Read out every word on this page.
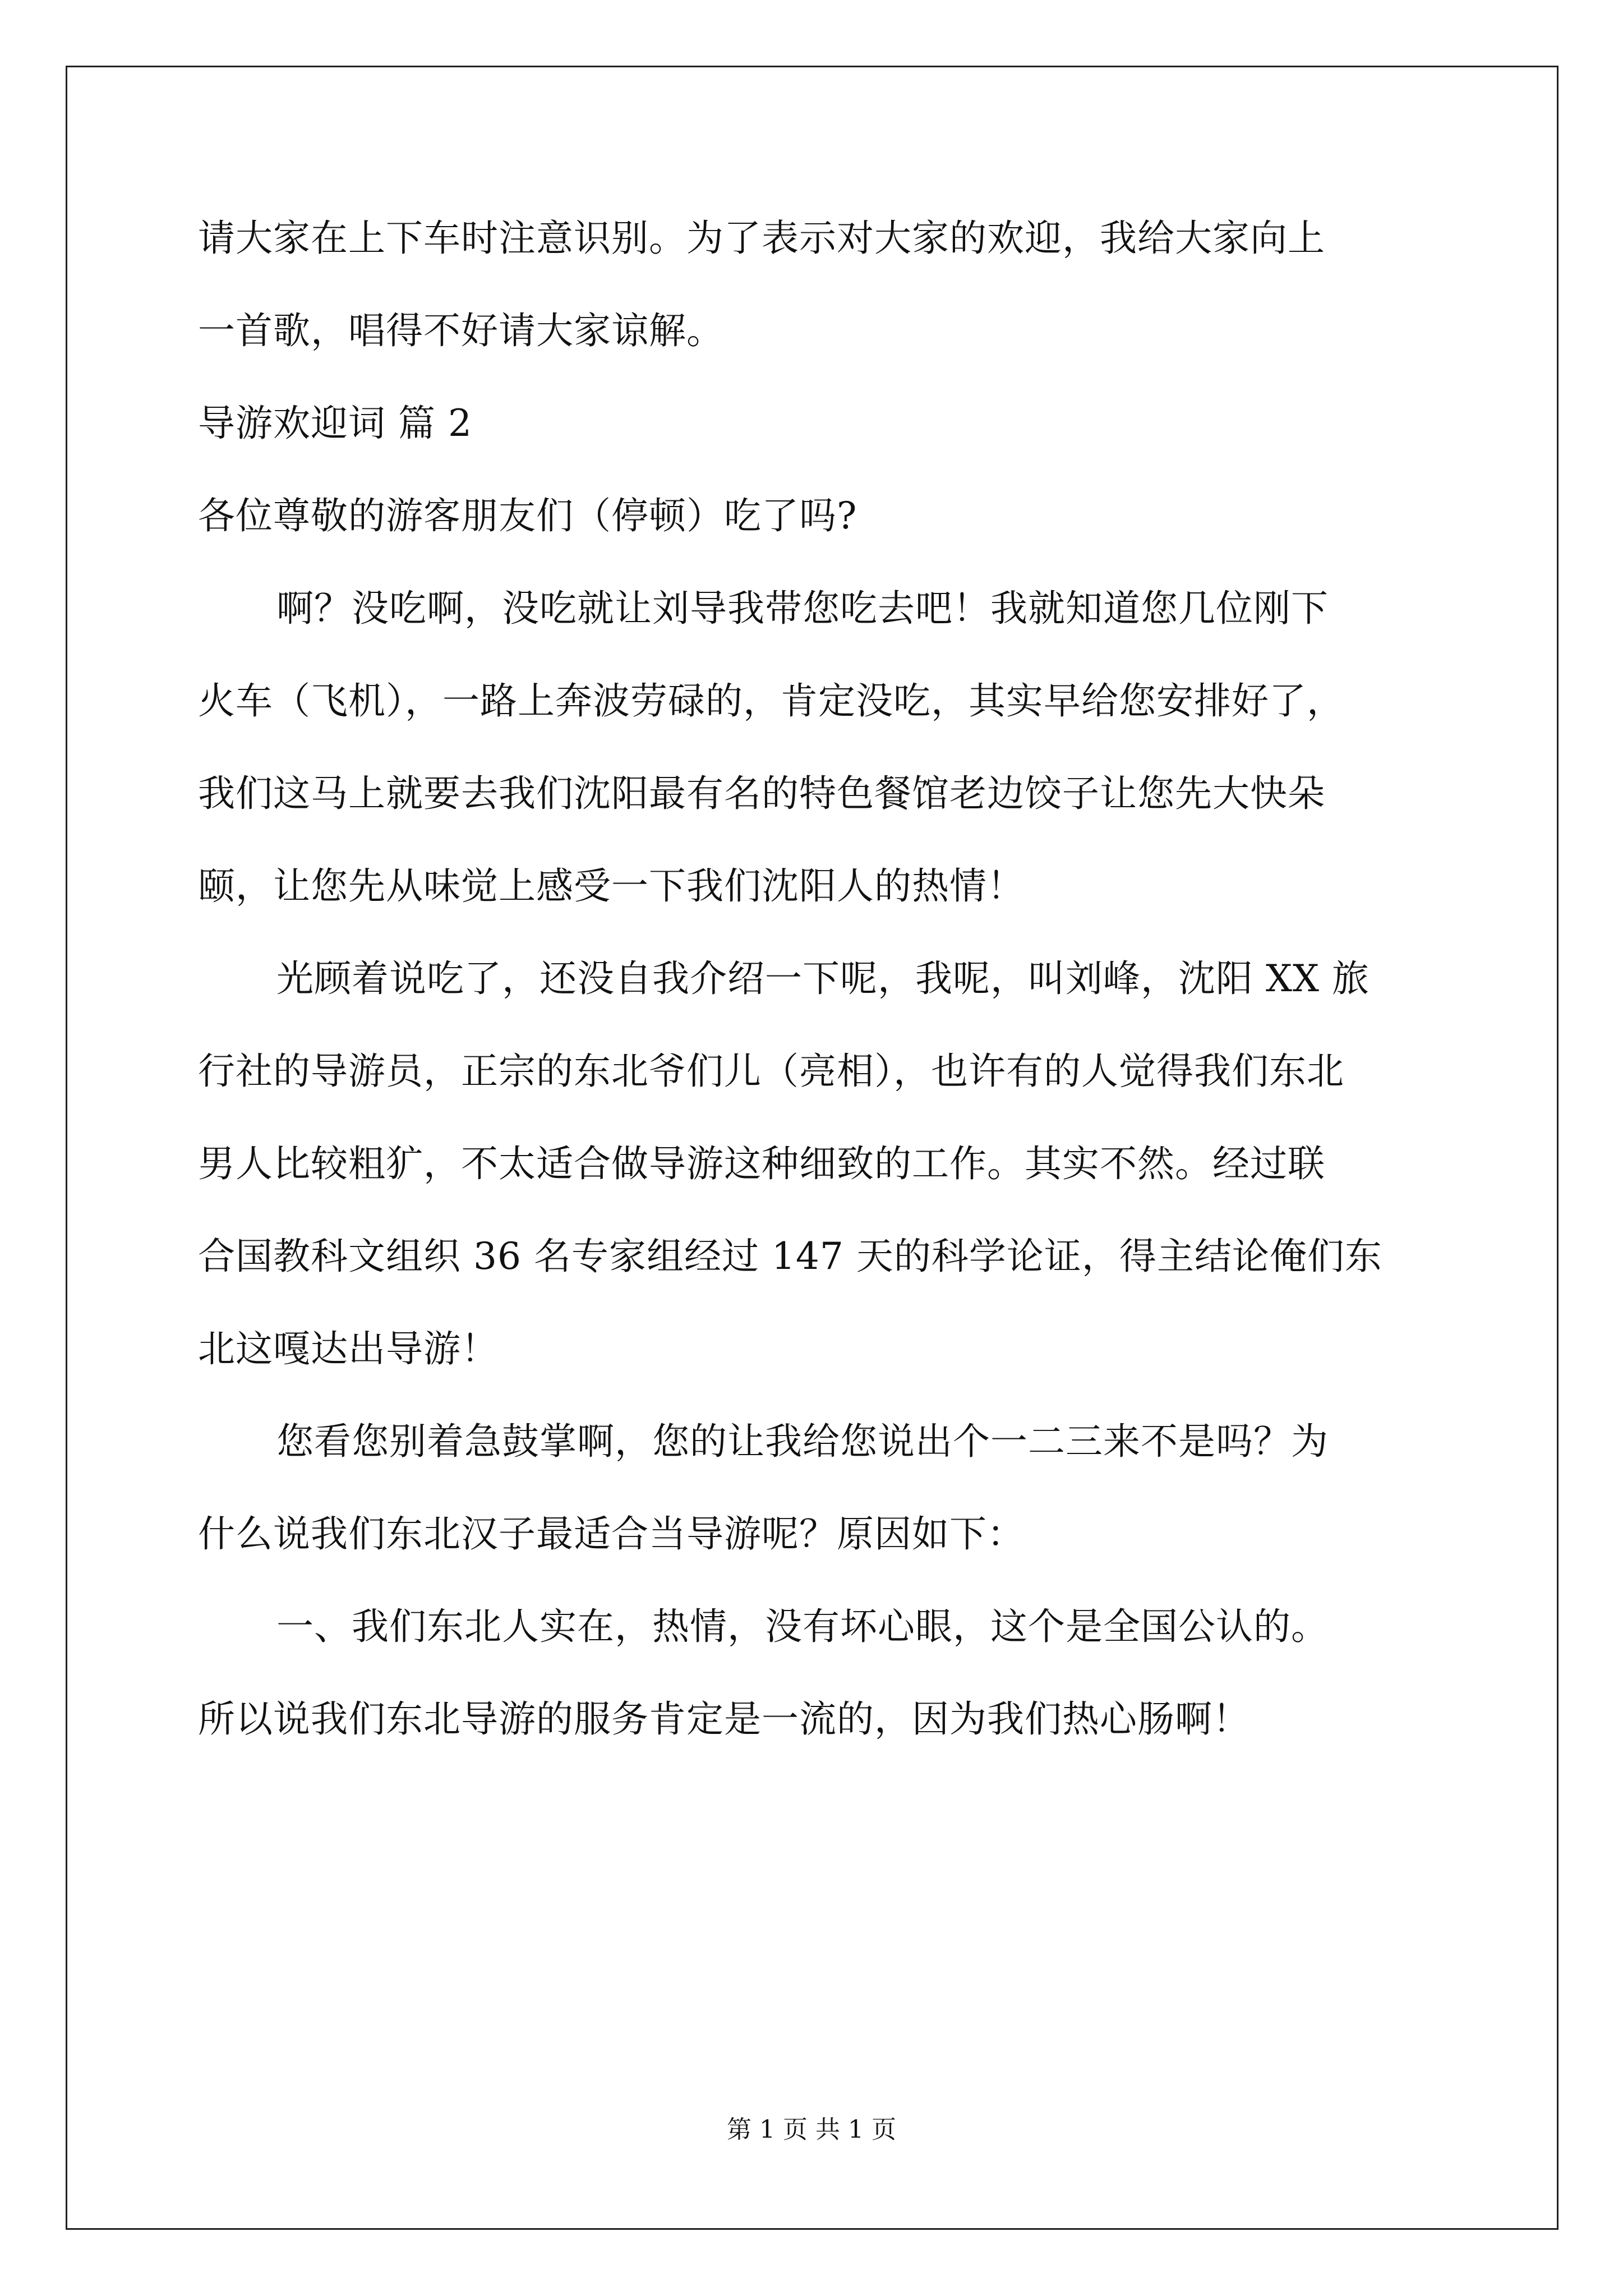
请大家在上下车时注意识别。为了表示对大家的欢迎，我给大家向上
一首歌，唱得不好请大家谅解。
导游欢迎词 篇 2
各位尊敬的游客朋友们（停顿）吃了吗?
啊？没吃啊，没吃就让刘导我带您吃去吧！我就知道您几位刚下
火车（飞机），一路上奔波劳碌的，肯定没吃，其实早给您安排好了，
我们这马上就要去我们沈阳最有名的特色餐馆老边饺子让您先大快朵
颐，让您先从味觉上感受一下我们沈阳人的热情！
光顾着说吃了，还没自我介绍一下呢，我呢，叫刘峰，沈阳 XX 旅
行社的导游员，正宗的东北爷们儿（亮相），也许有的人觉得我们东北
男人比较粗犷，不太适合做导游这种细致的工作。其实不然。经过联
合国教科文组织 36 名专家组经过 147 天的科学论证，得主结论俺们东
北这嘎达出导游！
您看您别着急鼓掌啊，您的让我给您说出个一二三来不是吗？为
什么说我们东北汉子最适合当导游呢？原因如下：
一、我们东北人实在，热情，没有坏心眼，这个是全国公认的。
所以说我们东北导游的服务肯定是一流的，因为我们热心肠啊！
第 1 页 共 1 页
